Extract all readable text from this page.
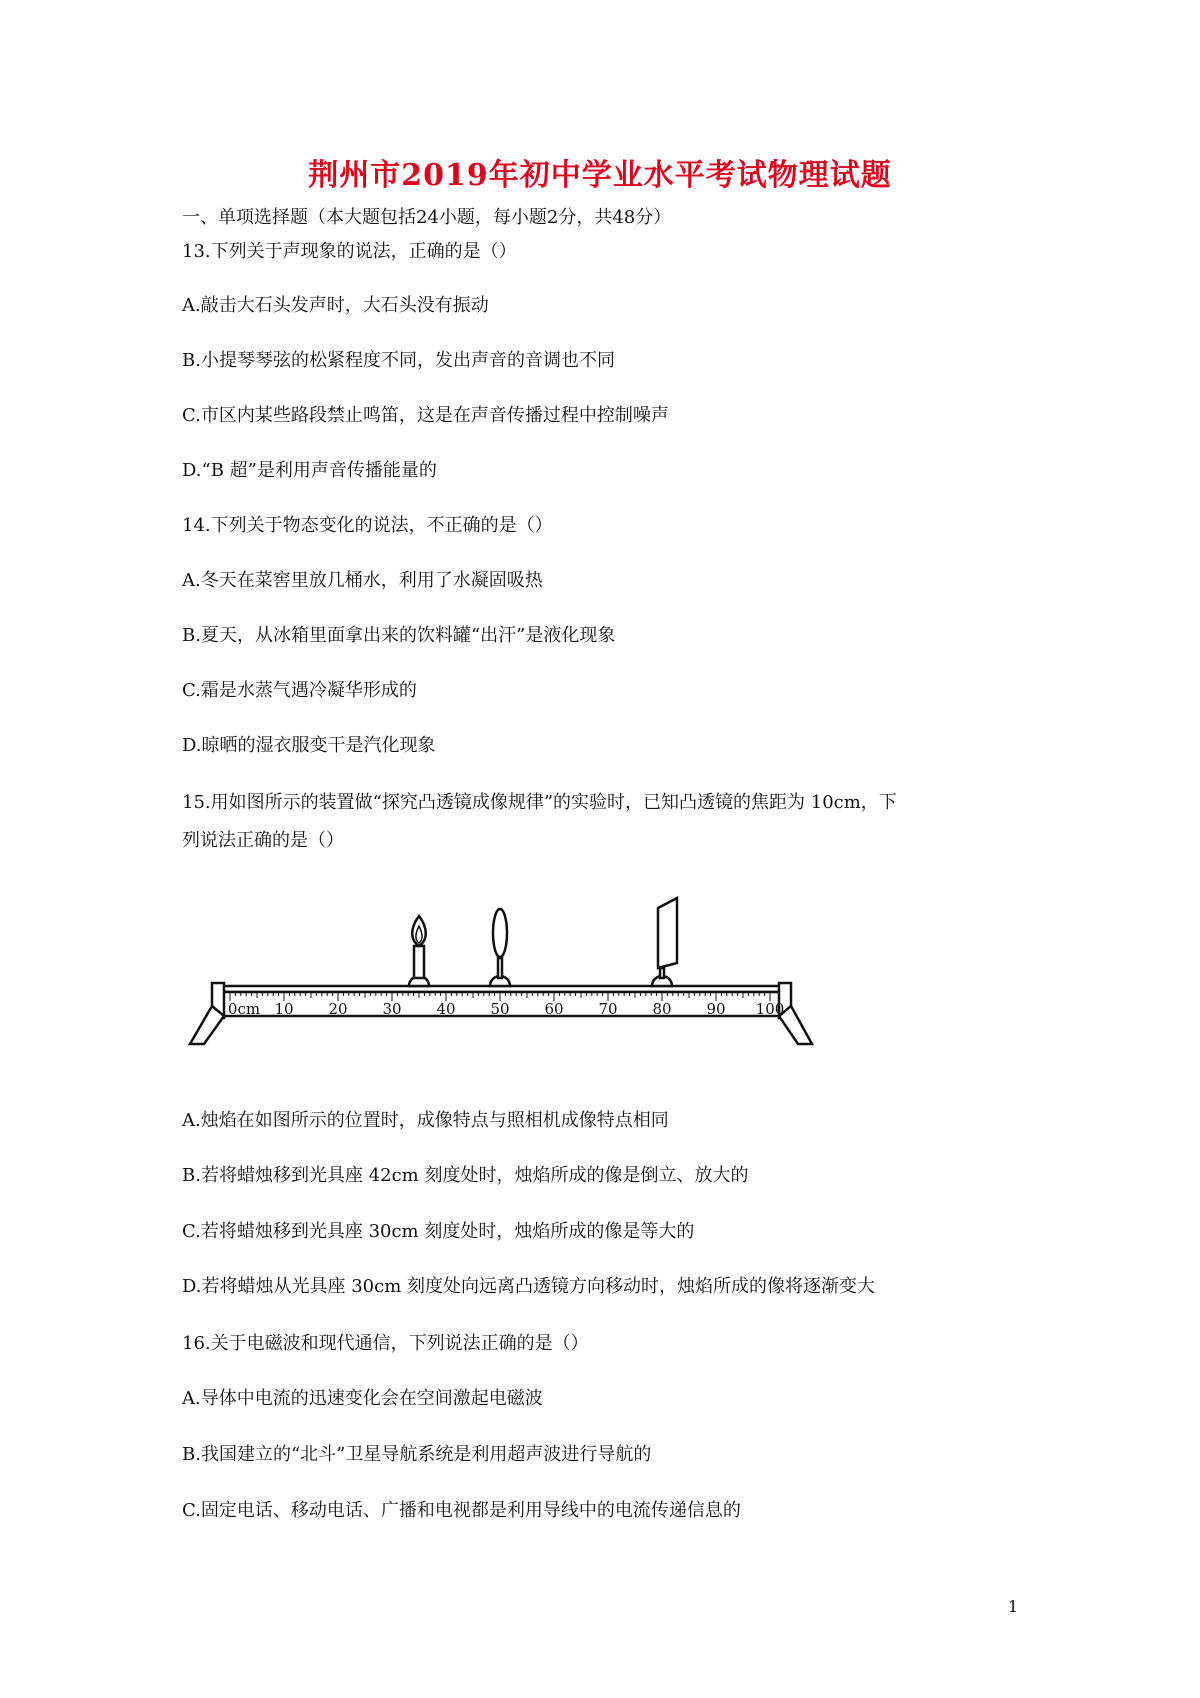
荆州市2019年初中学业水平考试物理试题
一、单项选择题（本大题包括24小题，每小题2分，共48分）
13.下列关于声现象的说法，正确的是（）
A.敲击大石头发声时，大石头没有振动
B.小提琴琴弦的松紧程度不同，发出声音的音调也不同
C.市区内某些路段禁止鸣笛，这是在声音传播过程中控制噪声
D.“B 超”是利用声音传播能量的
14.下列关于物态变化的说法，不正确的是（）
A.冬天在菜窖里放几桶水，利用了水凝固吸热
B.夏天，从冰箱里面拿出来的饮料罐“出汗”是液化现象
C.霜是水蒸气遇冷凝华形成的
D.晾晒的湿衣服变干是汽化现象
15.用如图所示的装置做“探究凸透镜成像规律”的实验时，已知凸透镜的焦距为 10cm，下
列说法正确的是（）
0cm 10 20 30 40 50 60 70 80 90 100
A.烛焰在如图所示的位置时，成像特点与照相机成像特点相同
B.若将蜡烛移到光具座 42cm 刻度处时，烛焰所成的像是倒立、放大的
C.若将蜡烛移到光具座 30cm 刻度处时，烛焰所成的像是等大的
D.若将蜡烛从光具座 30cm 刻度处向远离凸透镜方向移动时，烛焰所成的像将逐渐变大
16.关于电磁波和现代通信，下列说法正确的是（）
A.导体中电流的迅速变化会在空间激起电磁波
B.我国建立的“北斗”卫星导航系统是利用超声波进行导航的
C.固定电话、移动电话、广播和电视都是利用导线中的电流传递信息的
1
